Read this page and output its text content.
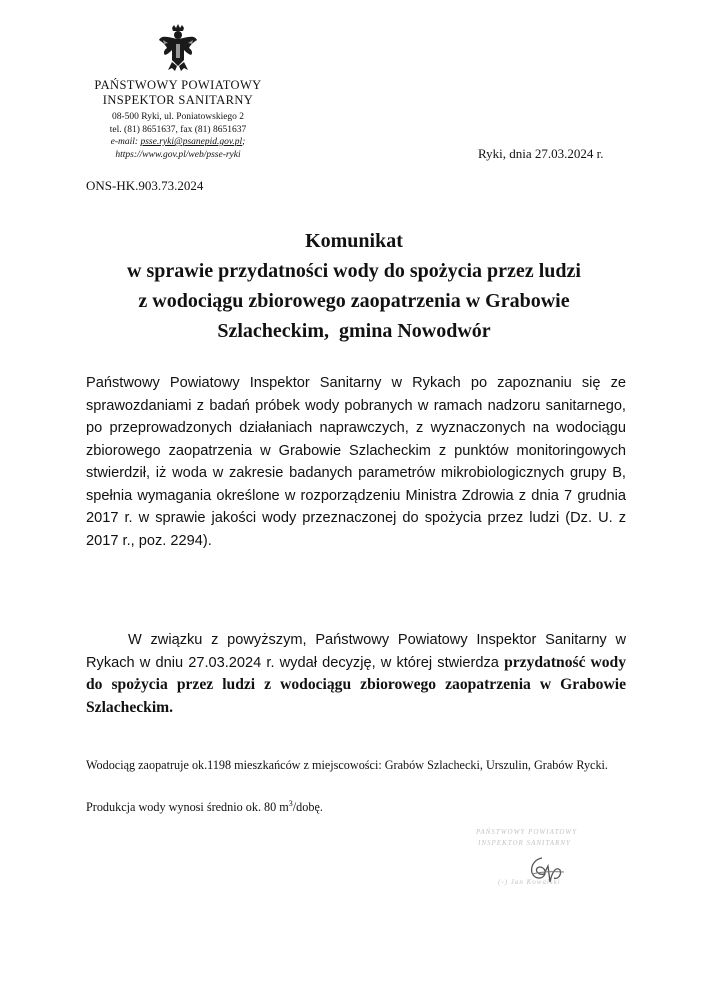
PAŃSTWOWY POWIATOWY
INSPEKTOR SANITARNY
08-500 Ryki, ul. Poniatowskiego 2
tel. (81) 8651637, fax (81) 8651637
e-mail: psse.ryki@psanepid.gov.pl;
https://www.gov.pl/web/psse-ryki	Ryki, dnia 27.03.2024 r.
ONS-HK.903.73.2024
Komunikat
w sprawie przydatności wody do spożycia przez ludzi
z wodociągu zbiorowego zaopatrzenia w Grabowie
Szlacheckim,  gmina Nowodwór
Państwowy Powiatowy Inspektor Sanitarny w Rykach po zapoznaniu się ze sprawozdaniami z badań próbek wody pobranych w ramach nadzoru sanitarnego, po przeprowadzonych działaniach naprawczych, z wyznaczonych na wodociągu zbiorowego zaopatrzenia w Grabowie Szlacheckim z punktów monitoringowych stwierdził, iż woda w zakresie badanych parametrów mikrobiologicznych grupy B, spełnia wymagania określone w rozporządzeniu Ministra Zdrowia z dnia 7 grudnia 2017 r. w sprawie jakości wody przeznaczonej do spożycia przez ludzi (Dz. U. z 2017 r., poz. 2294).
W związku z powyższym, Państwowy Powiatowy Inspektor Sanitarny w Rykach w dniu 27.03.2024 r. wydał decyzję, w której stwierdza przydatność wody do spożycia przez ludzi z wodociągu zbiorowego zaopatrzenia w Grabowie Szlacheckim.
Wodociąg zaopatruje ok.1198 mieszkańców z miejscowości: Grabów Szlachecki, Urszulin, Grabów Rycki.
Produkcja wody wynosi średnio ok. 80 $m^3$/dobę.
PAŃSTWOWY POWIATOWY
INSPEKTOR SANITARNY
(-) Jan Kowalski
